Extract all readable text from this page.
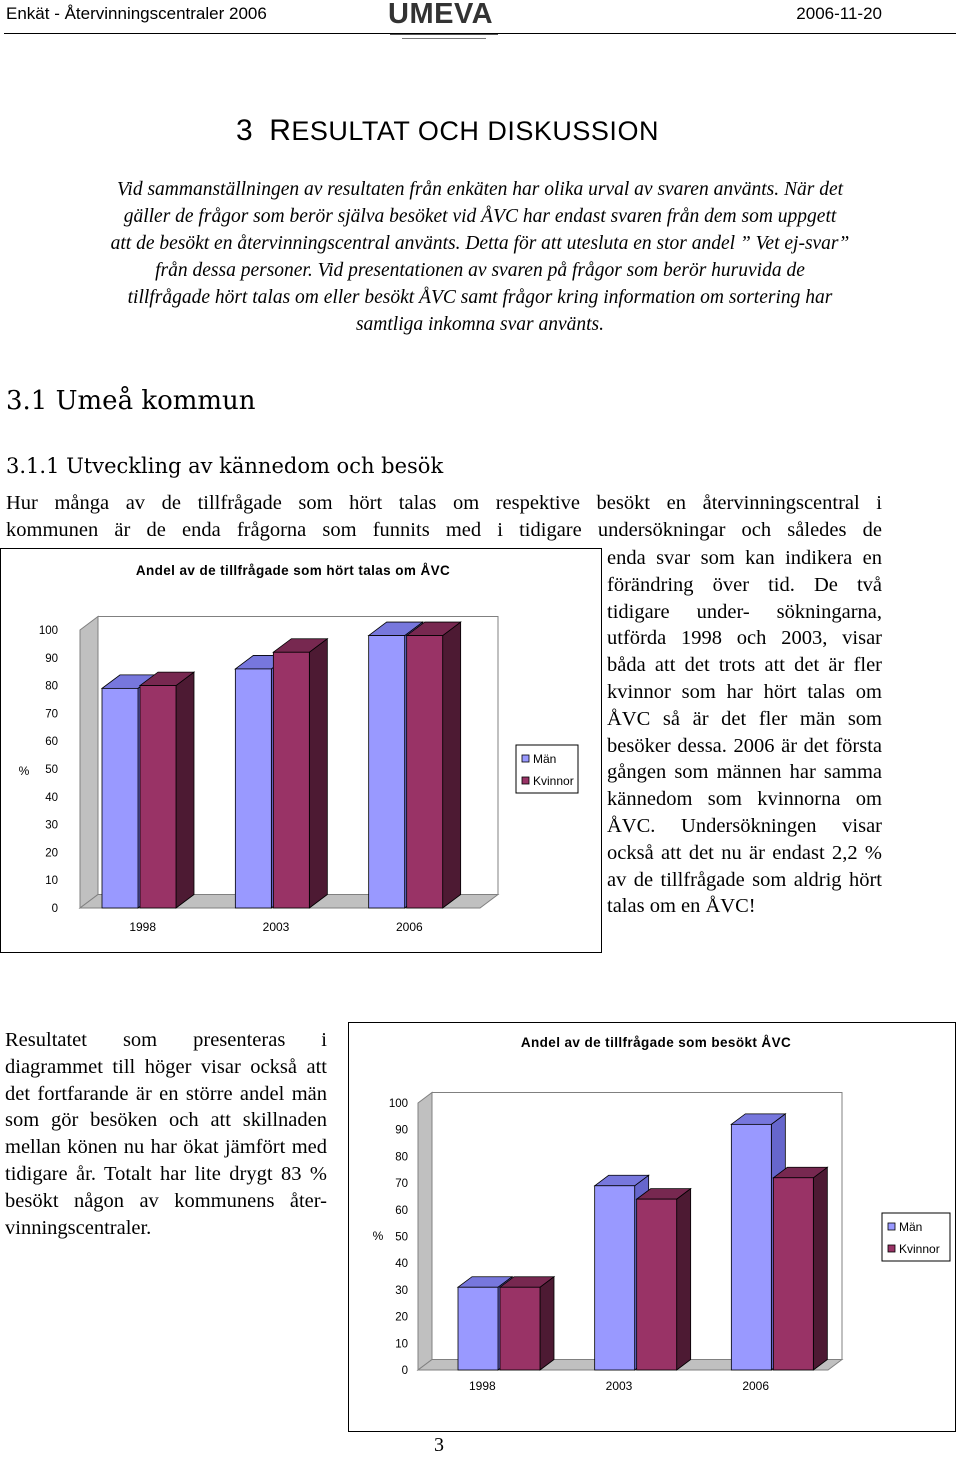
Enkät - Återvinningscentraler 2006	UMEVA	2006-11-20
3 RESULTAT OCH DISKUSSION
Vid sammanställningen av resultaten från enkäten har olika urval av svaren använts. När det
gäller de frågor som berör själva besöket vid ÅVC har endast svaren från dem som uppgett
att de besökt en återvinningscentral använts. Detta för att utesluta en stor andel ” Vet ej-svar”
från dessa personer. Vid presentationen av svaren på frågor som berör huruvida de
tillfrågade hört talas om eller besökt ÅVC samt frågor kring information om sortering har
samtliga inkomna svar använts.
3.1 Umeå kommun
3.1.1 Utveckling av kännedom och besök
Hur många av de tillfrågade som hört talas om respektive besökt en återvinningscentral i
kommunen är de enda frågorna som funnits med i tidigare undersökningar och således de
enda svar som kan indikera en förändring över tid. De två tidigare under- sökningarna, utförda 1998 och 2003, visar båda att det trots att det är fler kvinnor som har hört talas om ÅVC så är det fler män som besöker dessa. 2006 är det första gången som männen har samma kännedom som kvinnorna om ÅVC. Undersökningen visar också att det nu är endast 2,2 % av de tillfrågade som aldrig hört talas om en ÅVC!
Resultatet som presenteras i diagrammet till höger visar också att det fortfarande är en större andel män som gör besöken och att skillnaden mellan könen nu har ökat jämfört med tidigare år. Totalt har lite drygt 83 % besökt någon av kommunens åter- vinningscentraler.
Andel av de tillfrågade som hört talas om ÅVC
0
10
20
30
40
50
60
70
80
90
100
%
1998	2003	2006
Män
Kvinnor
Andel av de tillfrågade som besökt ÅVC
0
10
20
30
40
50
60
70
80
90
100
%
1998	2003	2006
Män
Kvinnor
3
